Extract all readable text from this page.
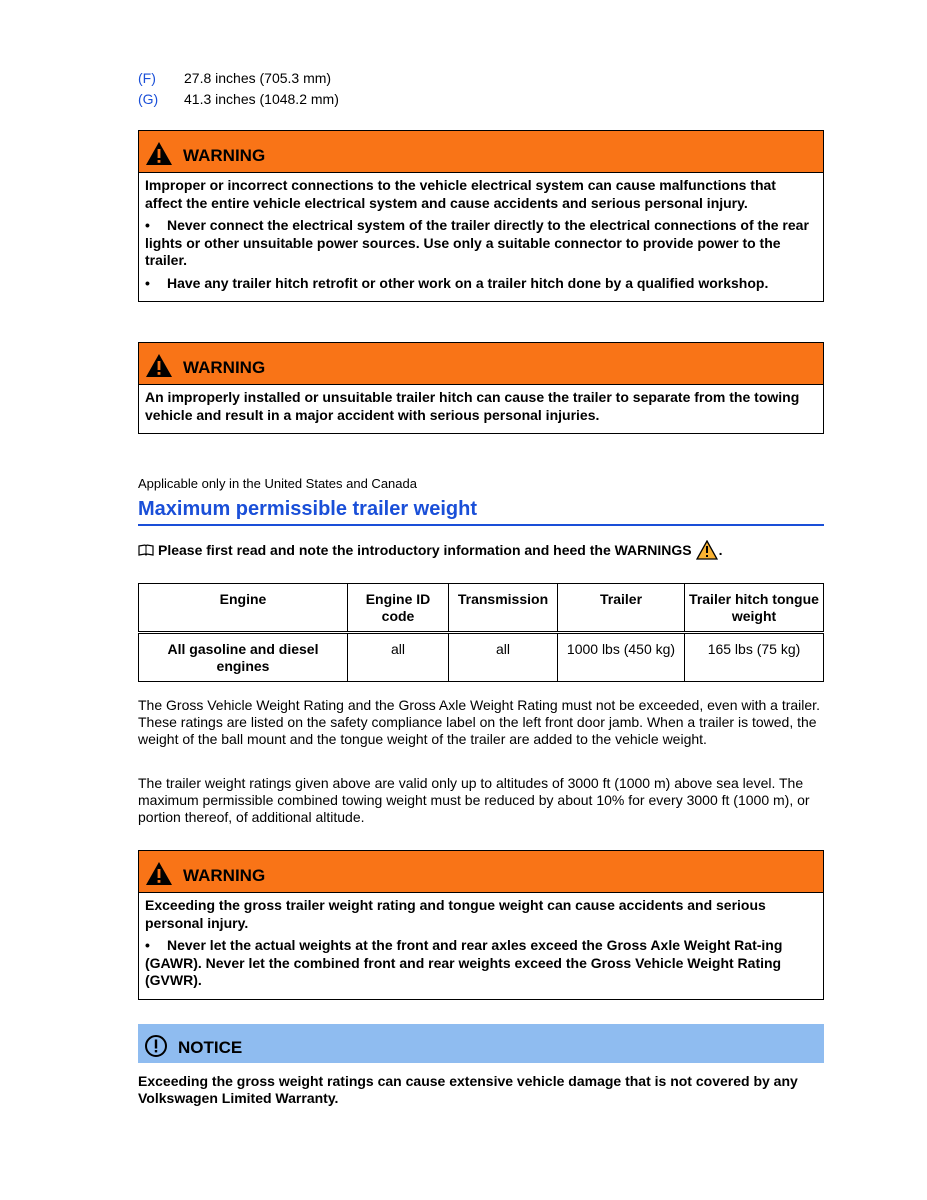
(F)	27.8 inches (705.3 mm)
(G)	41.3 inches (1048.2 mm)
WARNING

Improper or incorrect connections to the vehicle electrical system can cause malfunctions that affect the entire vehicle electrical system and cause accidents and serious personal injury.

• Never connect the electrical system of the trailer directly to the electrical connections of the rear lights or other unsuitable power sources. Use only a suitable connector to provide power to the trailer.
• Have any trailer hitch retrofit or other work on a trailer hitch done by a qualified workshop.
WARNING

An improperly installed or unsuitable trailer hitch can cause the trailer to separate from the towing vehicle and result in a major accident with serious personal injuries.

Applicable only in the United States and Canada
Maximum permissible trailer weight
Please first read and note the introductory information and heed the WARNINGS .
Engine	Engine ID code	Transmission	Trailer	Trailer hitch tongue weight
All gasoline and diesel engines	all	all	1000 lbs (450 kg)	165 lbs (75 kg)
The Gross Vehicle Weight Rating and the Gross Axle Weight Rating must not be exceeded, even with a trailer. These ratings are listed on the safety compliance label on the left front door jamb. When a trailer is towed, the weight of the ball mount and the tongue weight of the trailer are added to the vehicle weight.
The trailer weight ratings given above are valid only up to altitudes of 3000 ft (1000 m) above sea level. The maximum permissible combined towing weight must be reduced by about 10% for every 3000 ft (1000 m), or portion thereof, of additional altitude.
WARNING

Exceeding the gross trailer weight rating and tongue weight can cause accidents and serious personal injury.

• Never let the actual weights at the front and rear axles exceed the Gross Axle Weight Rat-ing (GAWR). Never let the combined front and rear weights exceed the Gross Vehicle Weight Rating (GVWR).
NOTICE
Exceeding the gross weight ratings can cause extensive vehicle damage that is not covered by any Volkswagen Limited Warranty.
